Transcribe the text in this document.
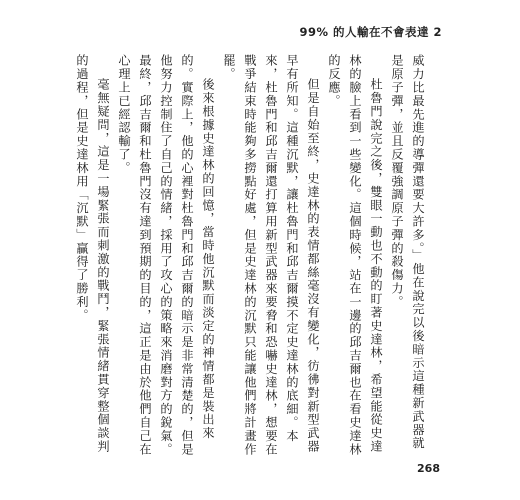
99% 的人輸在不會表達 2

威力比最先進的導彈還要大許多。」他在說完以後暗示這種新武器就是原子彈，並且反覆強調原子彈的殺傷力。

杜魯門說完之後，雙眼一動也不動的盯著史達林，希望能從史達林的臉上看到一些變化。這個時候，站在一邊的邱吉爾也在看史達林的反應。

但是自始至終，史達林的表情都絲毫沒有變化，彷彿對新型武器早有所知。這種沉默，讓杜魯門和邱吉爾摸不定史達林的底細。本來，杜魯門和邱吉爾還打算用新型武器來要脅和恐嚇史達林，想要在戰爭結束時能夠多撈點好處，但是史達林的沉默只能讓他們將計畫作罷。

後來根據史達林的回憶，當時他沉默而淡定的神情都是裝出來的。實際上，他的心裡對杜魯門和邱吉爾的暗示是非常清楚的，但是他努力控制住了自己的情緒，採用了攻心的策略來消磨對方的銳氣。最終，邱吉爾和杜魯門沒有達到預期的目的，這正是由於他們自己在心理上已經認輸了。

毫無疑問，這是一場緊張而刺激的戰鬥，緊張情緒貫穿整個談判的過程，但是史達林用「沉默」贏得了勝利。

268
